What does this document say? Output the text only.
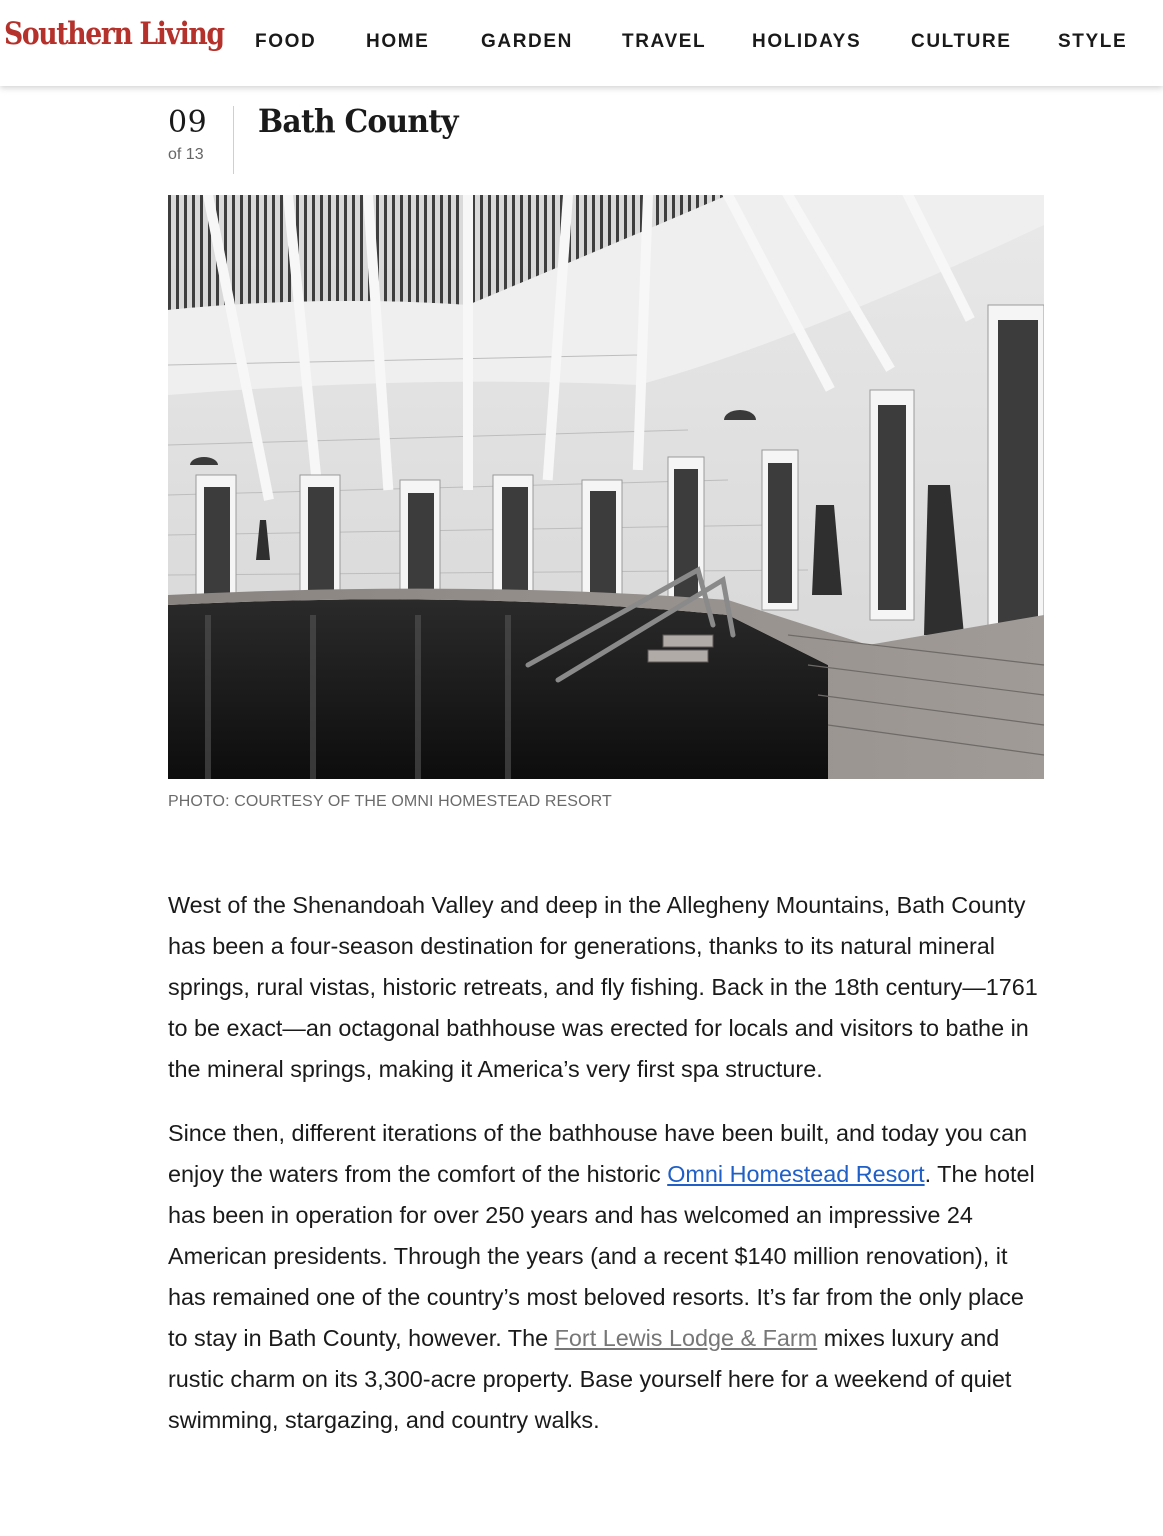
Southern Living FOOD	HOME	GARDEN	TRAVEL HOLIDAYS	CULTURE STYLE
09
of 13
Bath County
PHOTO: COURTESY OF THE OMNI HOMESTEAD RESORT

West of the Shenandoah Valley and deep in the Allegheny Mountains, Bath County has been a four-season destination for generations, thanks to its natural mineral springs, rural vistas, historic retreats, and fly fishing. Back in the 18th century—1761 to be exact—an octagonal bathhouse was erected for locals and visitors to bathe in the mineral springs, making it America’s very first spa structure.

Since then, different iterations of the bathhouse have been built, and today you can enjoy the waters from the comfort of the historic Omni Homestead Resort. The hotel has been in operation for over 250 years and has welcomed an impressive 24 American presidents. Through the years (and a recent $140 million renovation), it has remained one of the country’s most beloved resorts. It’s far from the only place to stay in Bath County, however. The Fort Lewis Lodge & Farm mixes luxury and rustic charm on its 3,300-acre property. Base yourself here for a weekend of quiet swimming, stargazing, and country walks.
